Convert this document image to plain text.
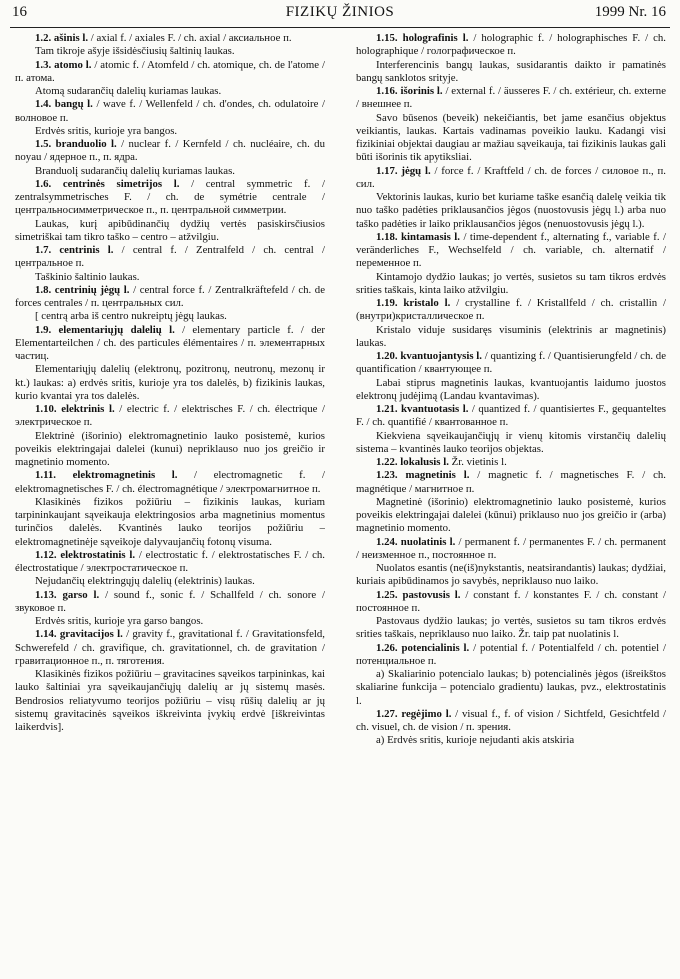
16	FIZIKŲ ŽINIOS	1999 Nr. 16

1.2. ašinis l. / axial f. / axiales F. / ch. axial / аксиальное п.

Tam tikroje ašyje išsidėsčiusių šaltinių laukas.

1.3. atomo l. / atomic f. / Atomfeld / ch. atomique, ch. de l'atome / п. атома.

Atomą sudarančių dalelių kuriamas laukas.

1.4. bangų l. / wave f. / Wellenfeld / ch. d'ondes, ch. odulatoire / волновое п.

Erdvės sritis, kurioje yra bangos.

1.5. branduolio l. / nuclear f. / Kernfeld / ch. nucléaire, ch. du noyau / ядерное п., п. ядра.

Branduolį sudarančių dalelių kuriamas laukas.

1.6. centrinės simetrijos l. / central symmetric f. / zentralsymmetrisches F. / ch. de symétrie centrale / центральносимметрическое п., п. центральной симметрии.

Laukas, kurį apibūdinančių dydžių vertės pasiskirsčiusios simetriškai tam tikro taško – centro – atžvilgiu.

1.7. centrinis l. / central f. / Zentralfeld / ch. central / центральное п.

Taškinio šaltinio laukas.

1.8. centrinių jėgų l. / central force f. / Zentralkräftefeld / ch. de forces centrales / п. центральных сил.

[ centrą arba iš centro nukreiptų jėgų laukas.

1.9. elementariųjų dalelių l. / elementary particle f. / der Elementarteilchen / ch. des particules élémentaires / п. элементарных частиц.

Elementariųjų dalelių (elektronų, pozitronų, neutronų, mezonų ir kt.) laukas: a) erdvės sritis, kurioje yra tos dalelės, b) fizikinis laukas, kurio kvantai yra tos dalelės.

1.10. elektrinis l. / electric f. / elektrisches F. / ch. électrique / электрическое п.

Elektrinė (išorinio) elektromagnetinio lauko posistemė, kurios poveikis elektringajai dalelei (kunui) nepriklauso nuo jos greičio ir magnetinio momento.

1.11. elektromagnetinis l. / electromagnetic f. / elektromagnetisches F. / ch. électromagnétique / электромагнитное п.

Klasikinės fizikos požiūriu – fizikinis laukas, kuriam tarpininkaujant sąveikauja elektringosios arba magnetinius momentus turinčios dalelės. Kvantinės lauko teorijos požiūriu – elektromagnetinėje sąveikoje dalyvaujančių fotonų visuma.

1.12. elektrostatinis l. / electrostatic f. / elektrostatisches F. / ch. électrostatique / электростатическое п.

Nejudančių elektringųjų dalelių (elektrinis) laukas.

1.13. garso l. / sound f., sonic f. / Schallfeld / ch. sonore / звуковое п.

Erdvės sritis, kurioje yra garso bangos.

1.14. gravitacijos l. / gravity f., gravitational f. / Gravitationsfeld, Schwerefeld / ch. gravifique, ch. gravitationnel, ch. de gravitation / гравитационное п., п. тяготения.

Klasikinės fizikos požiūriu – gravitacines sąveikos tarpininkas, kai lauko šaltiniai yra sąveikaujančiųjų dalelių ar jų sistemų masės. Bendrosios reliatyvumo teorijos požiūriu – visų rūšių dalelių ar jų sistemų gravitacinės sąveikos iškreivinta įvykių erdvė [iškreivintas laikerdvis].

1.15. holografinis l. / holographic f. / holographisches F. / ch. holographique / голографическое п.

Interferencinis bangų laukas, susidarantis daikto ir pamatinės bangų sanklotos srityje.

1.16. išorinis l. / external f. / äusseres F. / ch. extérieur, ch. externe / внешнее п.

Savo būsenos (beveik) nekeičiantis, bet jame esančius objektus veikiantis, laukas. Kartais vadinamas poveikio lauku. Kadangi visi fizikiniai objektai daugiau ar mažiau sąveikauja, tai fizikinis laukas gali būti išorinis tik apytiksliai.

1.17. jėgų l. / force f. / Kraftfeld / ch. de forces / силовое п., п. сил.

Vektorinis laukas, kurio bet kuriame taške esančią dalelę veikia tik nuo taško padėties priklausančios jėgos (nuostovusis jėgų l.) arba nuo taško padėties ir laiko priklausančios jėgos (nenuostovusis jėgų l.).

1.18. kintamasis l. / time-dependent f., alternating f., variable f. / veränderliches F., Wechselfeld / ch. variable, ch. alternatif / переменное п.

Kintamojo dydžio laukas; jo vertės, susietos su tam tikros erdvės srities taškais, kinta laiko atžvilgiu.

1.19. kristalo l. / crystalline f. / Kristallfeld / ch. cristallin / (внутри)кристаллическое п.

Kristalo viduje susidaręs visuminis (elektrinis ar magnetinis) laukas.

1.20. kvantuojantysis l. / quantizing f. / Quantisierungfeld / ch. de quantification / квантующее п.

Labai stiprus magnetinis laukas, kvantuojantis laidumo juostos elektronų judėjimą (Landau kvantavimas).

1.21. kvantuotasis l. / quantized f. / quantisiertes F., gequanteltes F. / ch. quantifié / квантованное п.

Kiekviena sąveikaujančiųjų ir vienų kitomis virstančių dalelių sistema – kvantinės lauko teorijos objektas.

1.22. lokalusis l. Žr. vietinis l.

1.23. magnetinis l. / magnetic f. / magnetisches F. / ch. magnétique / магнитное п.

Magnetinė (išorinio) elektromagnetinio lauko posistemė, kurios poveikis elektringajai dalelei (kūnui) priklauso nuo jos greičio ir (arba) magnetinio momento.

1.24. nuolatinis l. / permanent f. / permanentes F. / ch. permanent / неизменное п., постоянное п.

Nuolatos esantis (ne(iš)nykstantis, neatsirandantis) laukas; dydžiai, kuriais apibūdinamos jo savybės, nepriklauso nuo laiko.

1.25. pastovusis l. / constant f. / konstantes F. / ch. constant / постоянное п.

Pastovaus dydžio laukas; jo vertės, susietos su tam tikros erdvės srities taškais, nepriklauso nuo laiko. Žr. taip pat nuolatinis l.

1.26. potencialinis l. / potential f. / Potentialfeld / ch. potentiel / потенциальное п.

a) Skaliarinio potencialo laukas; b) potencialinės jėgos (išreikštos skaliarine funkcija – potencialo gradientu) laukas, pvz., elektrostatinis l.

1.27. regėjimo l. / visual f., f. of vision / Sichtfeld, Gesichtfeld / ch. visuel, ch. de vision / п. зрения.

a) Erdvės sritis, kurioje nejudanti akis atskiria
